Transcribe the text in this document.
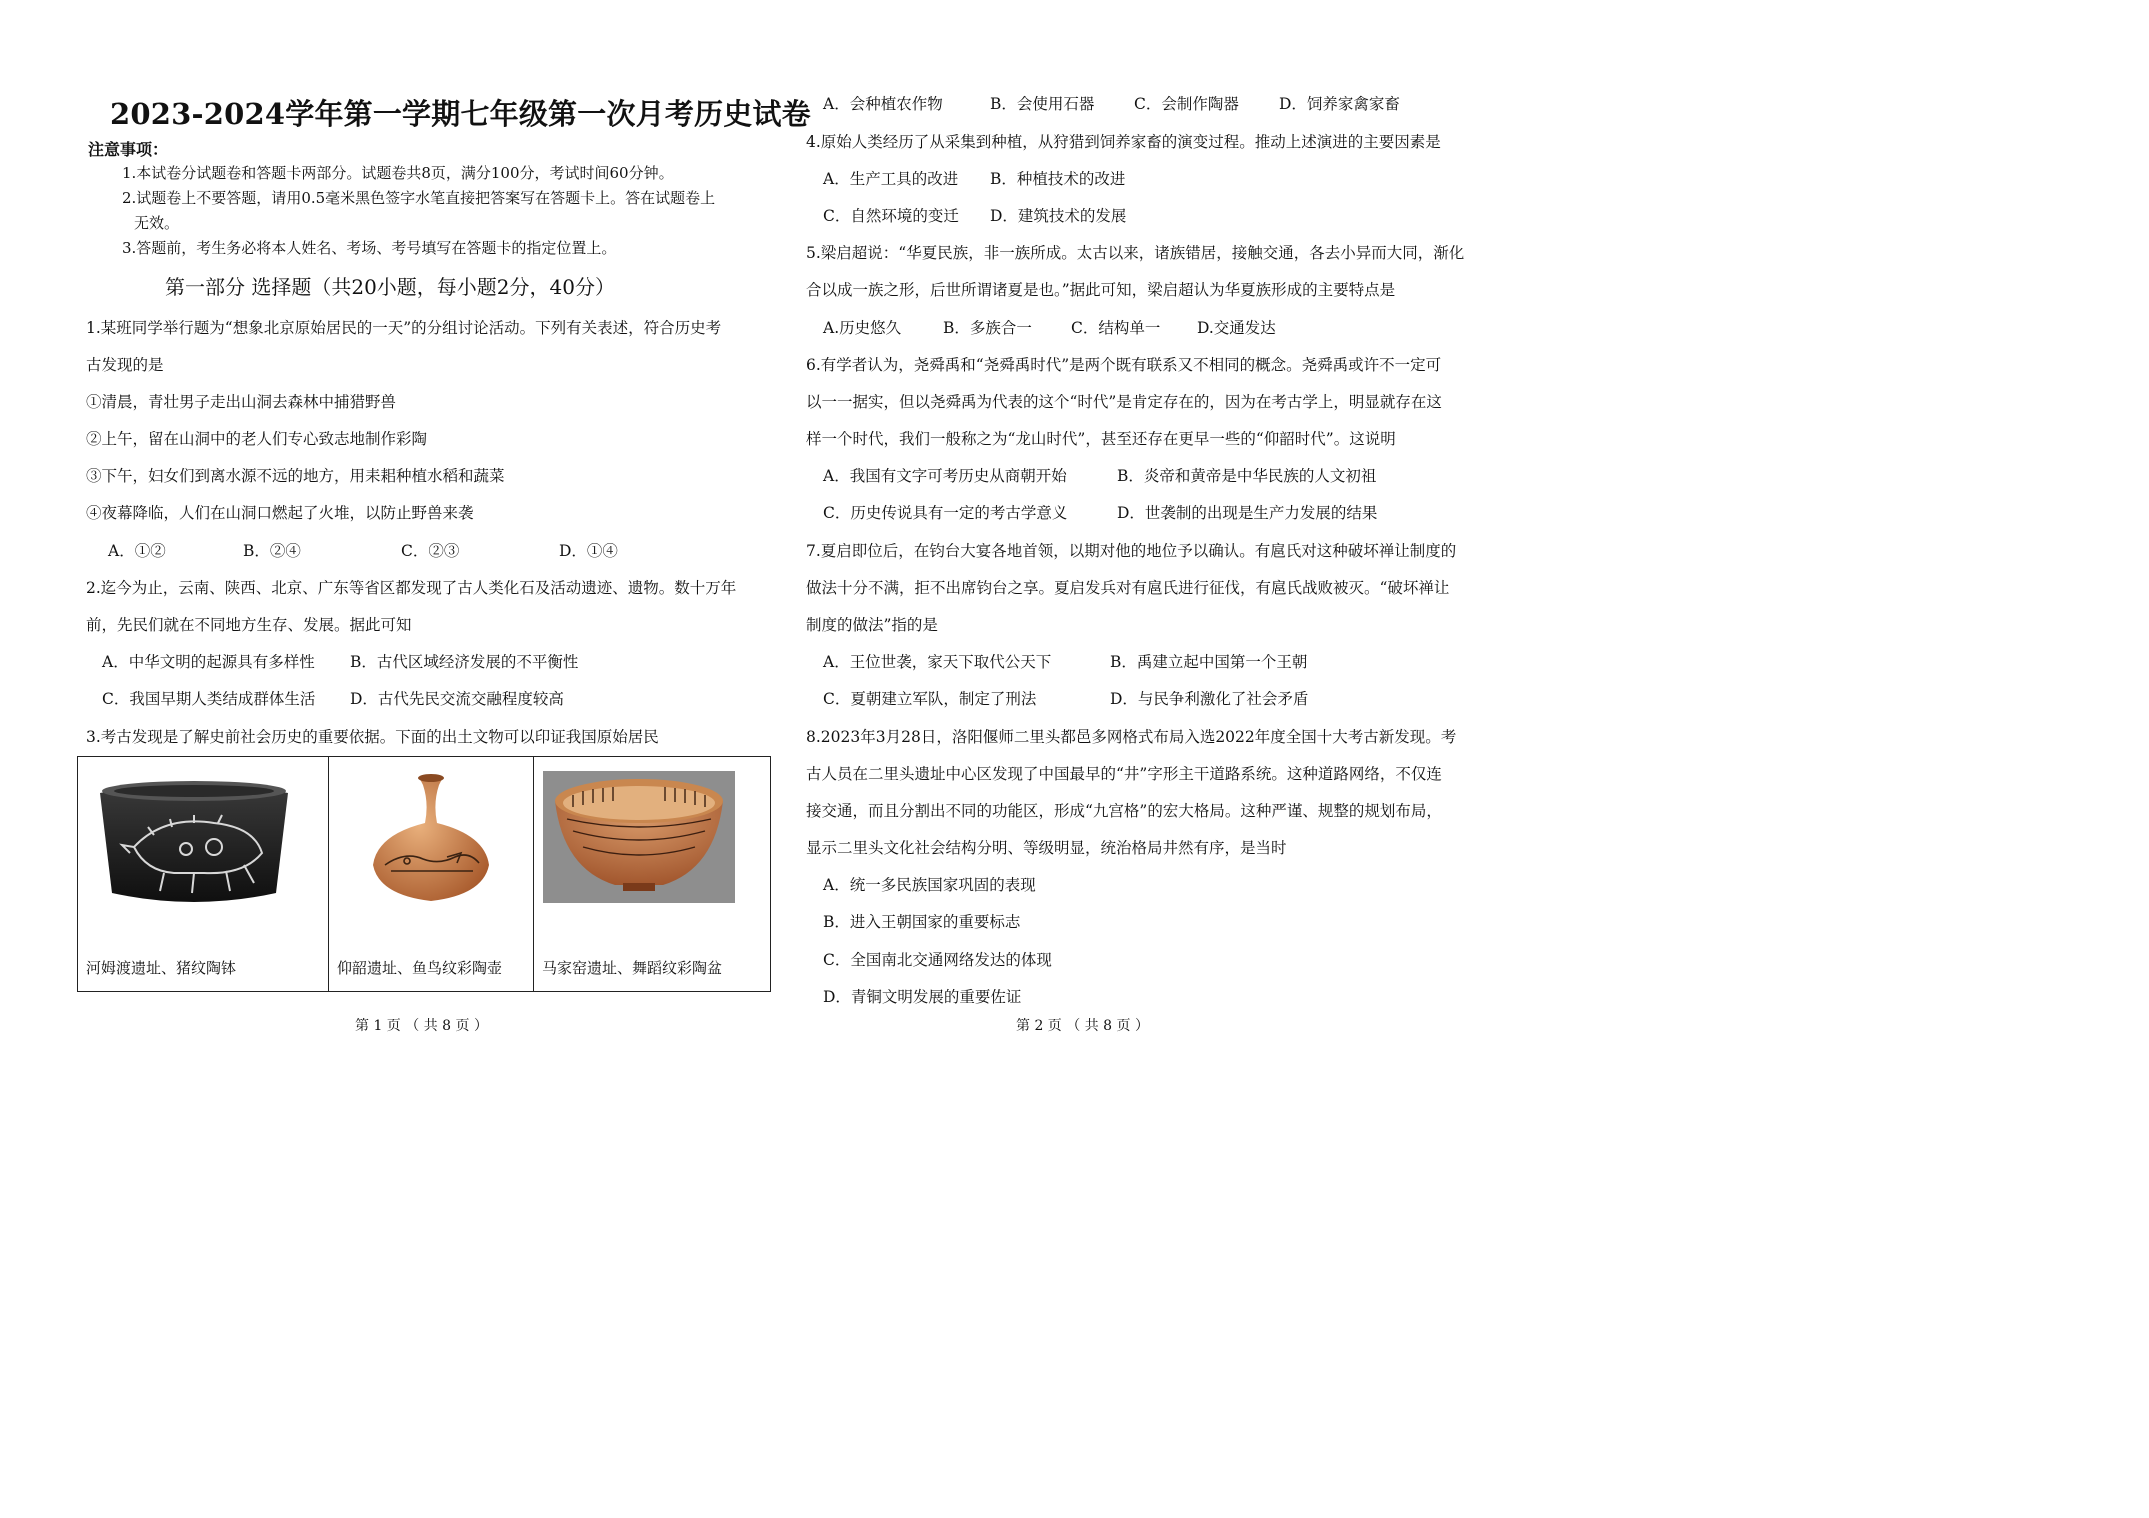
2023-2024学年第一学期七年级第一次月考历史试卷
注意事项：
1.本试卷分试题卷和答题卡两部分。试题卷共8页，满分100分，考试时间60分钟。
2.试题卷上不要答题，请用0.5毫米黑色签字水笔直接把答案写在答题卡上。答在试题卷上
无效。
3.答题前，考生务必将本人姓名、考场、考号填写在答题卡的指定位置上。
第一部分 选择题（共20小题，每小题2分，40分）
1.某班同学举行题为“想象北京原始居民的一天”的分组讨论活动。下列有关表述，符合历史考
古发现的是
①清晨，青壮男子走出山洞去森林中捕猎野兽
②上午，留在山洞中的老人们专心致志地制作彩陶
③下午，妇女们到离水源不远的地方，用耒耜种植水稻和蔬菜
④夜幕降临，人们在山洞口燃起了火堆，以防止野兽来袭
A．①②	B．②④	C．②③	D．①④
2.迄今为止，云南、陕西、北京、广东等省区都发现了古人类化石及活动遗迹、遗物。数十万年
前，先民们就在不同地方生存、发展。据此可知
A．中华文明的起源具有多样性 B．古代区域经济发展的不平衡性
C．我国早期人类结成群体生活 D．古代先民交流交融程度较高
3.考古发现是了解史前社会历史的重要依据。下面的出土文物可以印证我国原始居民
河姆渡遗址、猪纹陶钵	仰韶遗址、鱼鸟纹彩陶壶	马家窑遗址、舞蹈纹彩陶盆
第 1 页 （ 共 8 页 ）
A．会种植农作物	B．会使用石器	C．会制作陶器	D．饲养家禽家畜
4.原始人类经历了从采集到种植，从狩猎到饲养家畜的演变过程。推动上述演进的主要因素是
A．生产工具的改进 B．种植技术的改进
C．自然环境的变迁 D．建筑技术的发展
5.梁启超说：“华夏民族，非一族所成。太古以来，诸族错居，接触交通，各去小异而大同，渐化
合以成一族之形，后世所谓诸夏是也。”据此可知，梁启超认为华夏族形成的主要特点是
A.历史悠久	B．多族合一	C．结构单一 D.交通发达
6.有学者认为，尧舜禹和“尧舜禹时代”是两个既有联系又不相同的概念。尧舜禹或许不一定可
以一一据实，但以尧舜禹为代表的这个“时代”是肯定存在的，因为在考古学上，明显就存在这
样一个时代，我们一般称之为“龙山时代”，甚至还存在更早一些的“仰韶时代”。这说明
A．我国有文字可考历史从商朝开始	B．炎帝和黄帝是中华民族的人文初祖
C．历史传说具有一定的考古学意义	D．世袭制的出现是生产力发展的结果
7.夏启即位后，在钧台大宴各地首领，以期对他的地位予以确认。有扈氏对这种破坏禅让制度的
做法十分不满，拒不出席钧台之享。夏启发兵对有扈氏进行征伐，有扈氏战败被灭。“破坏禅让
制度的做法”指的是
A．王位世袭，家天下取代公天下	B．禹建立起中国第一个王朝
C．夏朝建立军队，制定了刑法	D．与民争利激化了社会矛盾
8.2023年3月28日，洛阳偃师二里头都邑多网格式布局入选2022年度全国十大考古新发现。考
古人员在二里头遗址中心区发现了中国最早的“井”字形主干道路系统。这种道路网络，不仅连
接交通，而且分割出不同的功能区，形成“九宫格”的宏大格局。这种严谨、规整的规划布局，
显示二里头文化社会结构分明、等级明显，统治格局井然有序，是当时
A．统一多民族国家巩固的表现
B．进入王朝国家的重要标志
C．全国南北交通网络发达的体现
D．青铜文明发展的重要佐证
第 2 页 （ 共 8 页 ）
